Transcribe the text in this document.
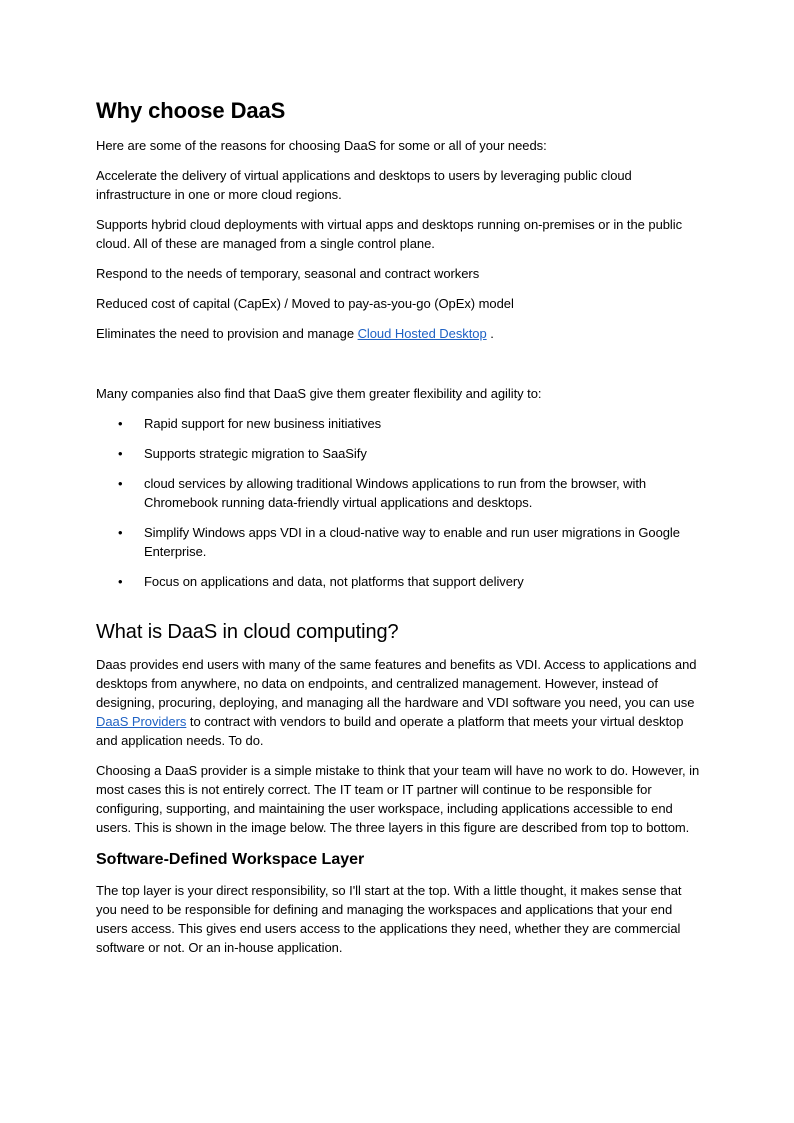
Why choose DaaS

Here are some of the reasons for choosing DaaS for some or all of your needs:

Accelerate the delivery of virtual applications and desktops to users by leveraging public cloud infrastructure in one or more cloud regions.

Supports hybrid cloud deployments with virtual apps and desktops running on-premises or in the public cloud. All of these are managed from a single control plane.

Respond to the needs of temporary, seasonal and contract workers

Reduced cost of capital (CapEx) / Moved to pay-as-you-go (OpEx) model

Eliminates the need to provision and manage Cloud Hosted Desktop .

Many companies also find that DaaS give them greater flexibility and agility to:

• Rapid support for new business initiatives
• Supports strategic migration to SaaSify
• cloud services by allowing traditional Windows applications to run from the browser, with Chromebook running data-friendly virtual applications and desktops.
• Simplify Windows apps VDI in a cloud-native way to enable and run user migrations in Google Enterprise.
• Focus on applications and data, not platforms that support delivery
What is DaaS in cloud computing?

Daas provides end users with many of the same features and benefits as VDI. Access to applications and desktops from anywhere, no data on endpoints, and centralized management. However, instead of designing, procuring, deploying, and managing all the hardware and VDI software you need, you can use DaaS Providers to contract with vendors to build and operate a platform that meets your virtual desktop and application needs. To do.

Choosing a DaaS provider is a simple mistake to think that your team will have no work to do. However, in most cases this is not entirely correct. The IT team or IT partner will continue to be responsible for configuring, supporting, and maintaining the user workspace, including applications accessible to end users. This is shown in the image below. The three layers in this figure are described from top to bottom.

Software-Defined Workspace Layer

The top layer is your direct responsibility, so I'll start at the top. With a little thought, it makes sense that you need to be responsible for defining and managing the workspaces and applications that your end users access. This gives end users access to the applications they need, whether they are commercial software or not. Or an in-house application.
